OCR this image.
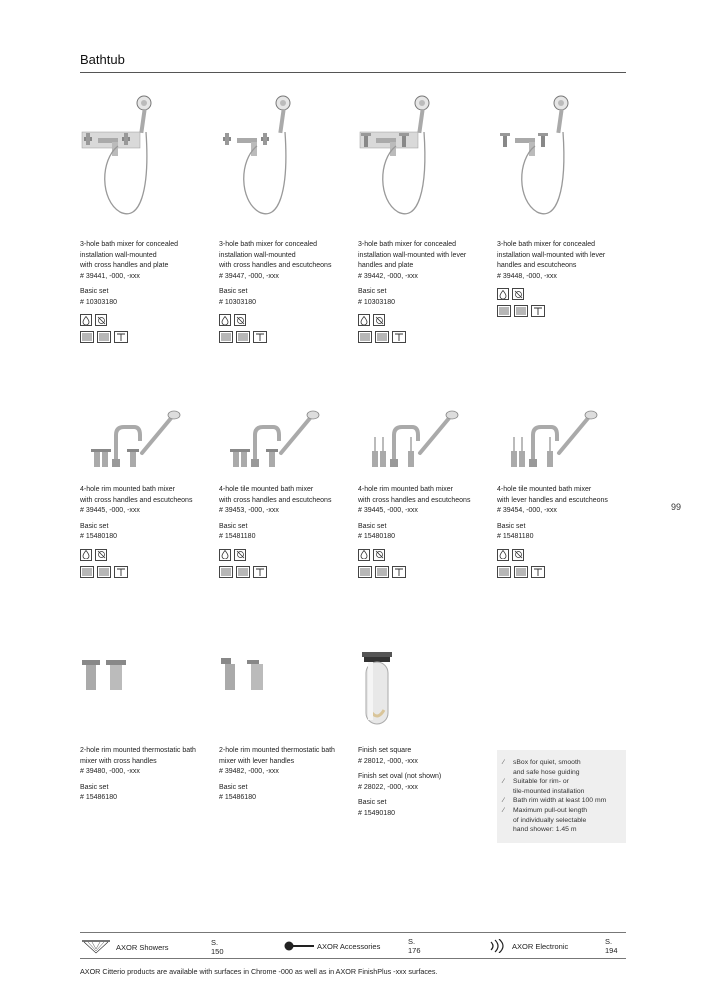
Bathtub
99
3-hole bath mixer for concealed
installation wall-mounted
with cross handles and plate
# 39441, -000, -xxx
Basic set
# 10303180
3-hole bath mixer for concealed
installation wall-mounted
with cross handles and escutcheons
# 39447, -000, -xxx
Basic set
# 10303180
3-hole bath mixer for concealed
installation wall-mounted with lever
handles and plate
# 39442, -000, -xxx
Basic set
# 10303180
3-hole bath mixer for concealed
installation wall-mounted with lever
handles and escutcheons
# 39448, -000, -xxx
4-hole rim mounted bath mixer
with cross handles and escutcheons
# 39445, -000, -xxx
Basic set
# 15480180
4-hole tile mounted bath mixer
with cross handles and escutcheons
# 39453, -000, -xxx
Basic set
# 15481180
4-hole rim mounted bath mixer
with cross handles and escutcheons
# 39445, -000, -xxx
Basic set
# 15480180
4-hole tile mounted bath mixer
with lever handles and escutcheons
# 39454, -000, -xxx
Basic set
# 15481180
2-hole rim mounted thermostatic bath
mixer with cross handles
# 39480, -000, -xxx
Basic set
# 15486180
2-hole rim mounted thermostatic bath
mixer with lever handles
# 39482, -000, -xxx
Basic set
# 15486180
Finish set square
# 28012, -000, -xxx
Finish set oval (not shown)
# 28022, -000, -xxx
Basic set
# 15490180
∕	sBox for quiet, smooth
and safe hose guiding
∕	Suitable for rim- or
tile-mounted installation
∕	Bath rim width at least 100 mm
∕	Maximum pull-out length
of individually selectable
hand shower: 1.45 m
AXOR Showers	S. 150
AXOR Accessories	S. 176	AXOR Electronic	S. 194
AXOR Citterio products are available with surfaces in Chrome -000 as well as in AXOR FinishPlus -xxx surfaces.
